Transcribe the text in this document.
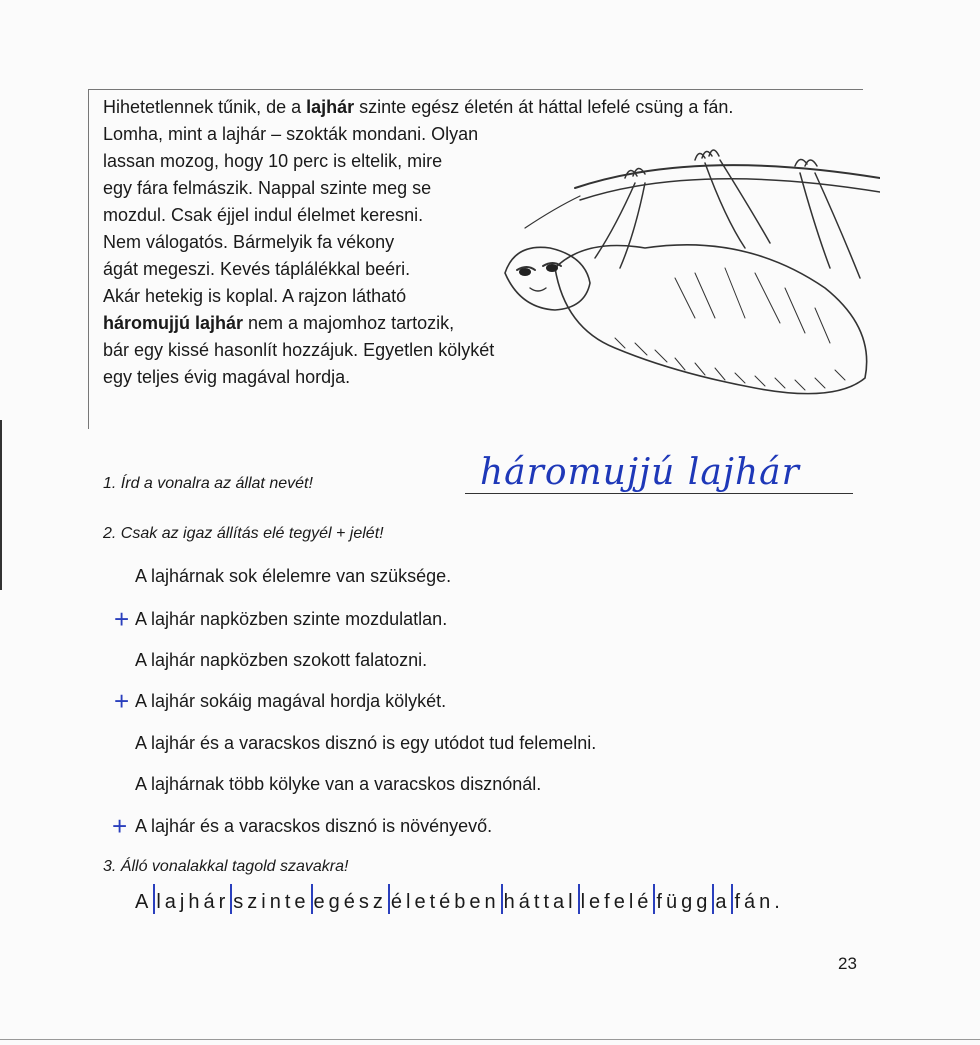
Hihetetlennek tűnik, de a lajhár szinte egész életén át háttal lefelé csüng a fán.
Lomha, mint a lajhár – szokták mondani. Olyan
lassan mozog, hogy 10 perc is eltelik, mire
egy fára felmászik. Nappal szinte meg se
mozdul. Csak éjjel indul élelmet keresni.
Nem válogatós. Bármelyik fa vékony
ágát megeszi. Kevés táplálékkal beéri.
Akár hetekig is koplal. A rajzon látható
háromujjú lajhár nem a majomhoz tartozik,
bár egy kissé hasonlít hozzájuk. Egyetlen kölykét
egy teljes évig magával hordja.

1. Írd a vonalra az állat nevét!	háromujjú lajhár
2. Csak az igaz állítás elé tegyél + jelét!
A lajhárnak sok élelemre van szüksége.
+ A lajhár napközben szinte mozdulatlan.
A lajhár napközben szokott falatozni.
+ A lajhár sokáig magával hordja kölykét.
A lajhár és a varacskos disznó is egy utódot tud felemelni.
A lajhárnak több kölyke van a varacskos disznónál.
+ A lajhár és a varacskos disznó is növényevő.
3. Álló vonalakkal tagold szavakra!
A lajhár szinte egész életében háttal lefelé függ a fán.
23
